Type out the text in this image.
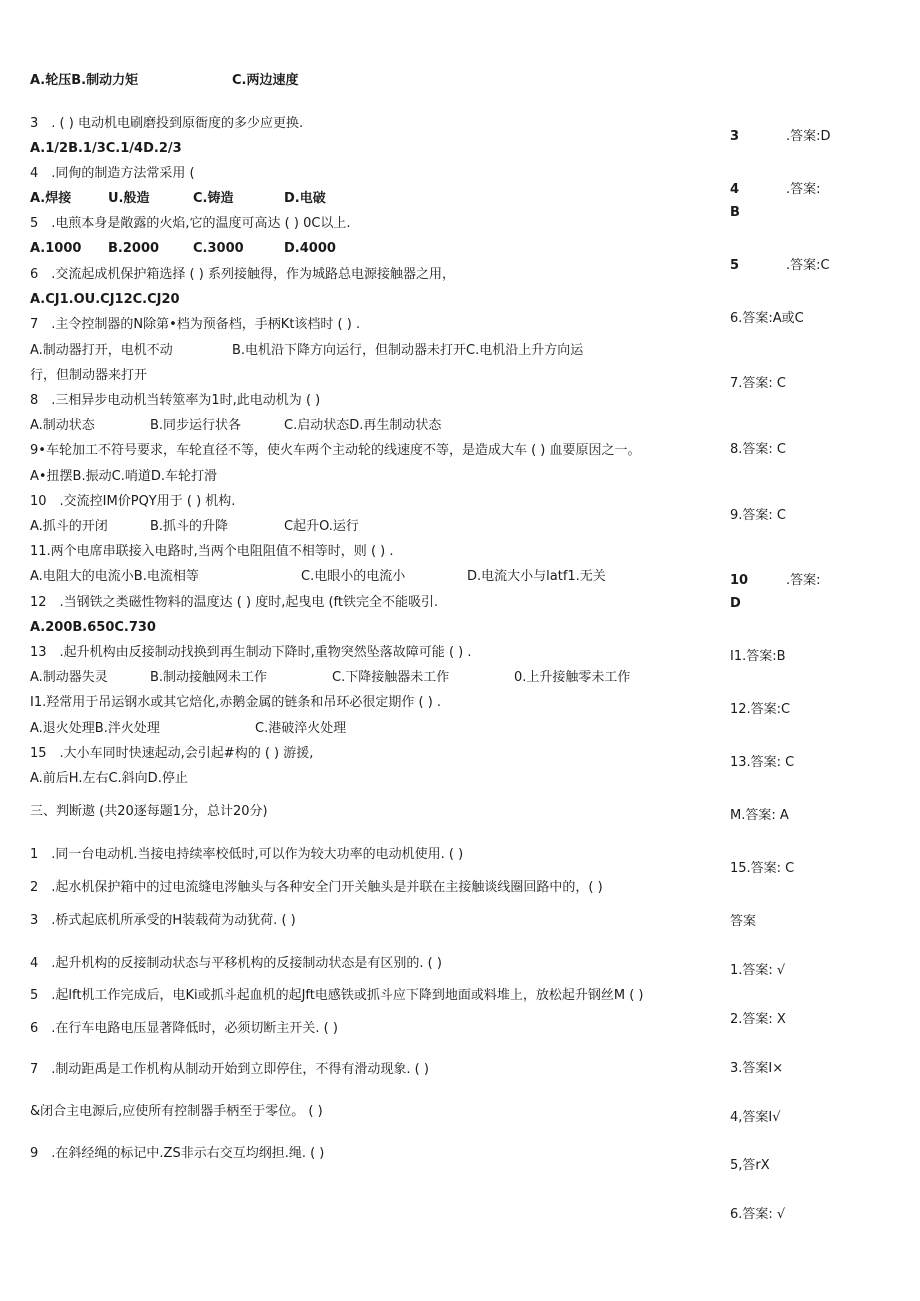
A.轮压B.制动力矩	C.两边速度
3　. ( ) 电动机电刷磨投到原衙度的多少应更换.
A.1/2B.1/3C.1/4D.2/3
4　.同侚的制造方法常采用 (
A.焊接	U.般造	C.铸造	D.电破
5　.电煎本身是敞露的火焰,它的温度可高达 ( ) 0C以上.
A.1000 B.2000	C.3000	D.4000
6　.交流起成机保护箱选择 ( ) 系列接触得，作为城路总电源接触器之用，
A.CJ1.OU.CJ12C.CJ20
7　.主令控制器的N除第•档为预备档，手柄Kt该档时 ( ) .
A.制动器打开，电机不动	B.电机沿下降方向运行，但制动器未打开C.电机沿上升方向运
行，但制动器来打开
8　.三相异步电动机当转筮率为1时,此电动机为 ( )
A.制动状态	B.同步运行状各	C.启动状态D.再生制动状态
9•车轮加工不符号要求，车轮直径不等，使火车两个主动轮的线速度不等，是造成大车 ( ) 血要原因之一。
A•扭摆B.振动C.哨道D.车轮打滑
10　.交流控IM价PQY用于 ( ) 机构.
A.抓斗的开闭	B.抓斗的升降	C起升O.运行
11.两个电席串联接入电路时,当两个电阻阻值不相等时，则 ( ) .
A.电阻大的电流小B.电流相等	C.电眼小的电流小	D.电流大小与latf1.无关
12　.当钢铁之类磁性物料的温度达 ( ) 度时,起曳电 (ft铁完全不能吸引.
A.200B.650C.730
13　.起升机构由反接制动找换到再生制动下降时,重物突然坠落故障可能 ( ) .
A.制动器失灵	B.制动接触网未工作	C.下降接触器未工作	0.上升接触零未工作
I1.羟常用于吊运钢水或其它焙化,赤鹅金属的链条和吊环必很定期作 ( ) .
A.退火处理B.泮火处理	C.港破淬火处理
15　.大小车同时快速起动,会引起#构的 ( ) 游援,
A.前后H.左右C.斜向D.停止
三、判断遨 (共20逐每题1分，总计20分)
1　.同一台电动机.当接电持续率校低时,可以作为较大功率的电动机使用. ( )
2　.起水机保护箱中的过电流缝电涔触头与各种安全门开关触头是并联在主接触谈线圈回路中的，( )
3　.桥式起底机所承受的H装载荷为动犹荷. ( )
4　.起升机构的反接制动状态与平移机构的反接制动状态是有区别的. ( )
5　.起lft机工作完成后，电Ki或抓斗起血机的起Jft电感铁或抓斗应下降到地面或料堆上，放松起升钢丝M ( )
6　.在行车电路电压显著降低时，必须切断主开关. ( )
7　.制动距禹是工作机构从制动开始到立即停住，不得有滑动现象. ( )
&闭合主电源后,应使所有控制器手柄至于零位。 ( )
9　.在斜经绳的标记中.ZS非示右交互均纲担.绳. ( )
3	.答案:D
4	.答案:
B
5	.答案:C
6.答案:A或C
7.答案: C
8.答案: C
9.答案: C
10	.答案:
D
I1.答案:B
12.答案:C
13.答案: C
M.答案: A
15.答案: C
答案
1.答案: √
2.答案: X
3.答案I×
4,答案I√
5,答rX
6.答案: √
